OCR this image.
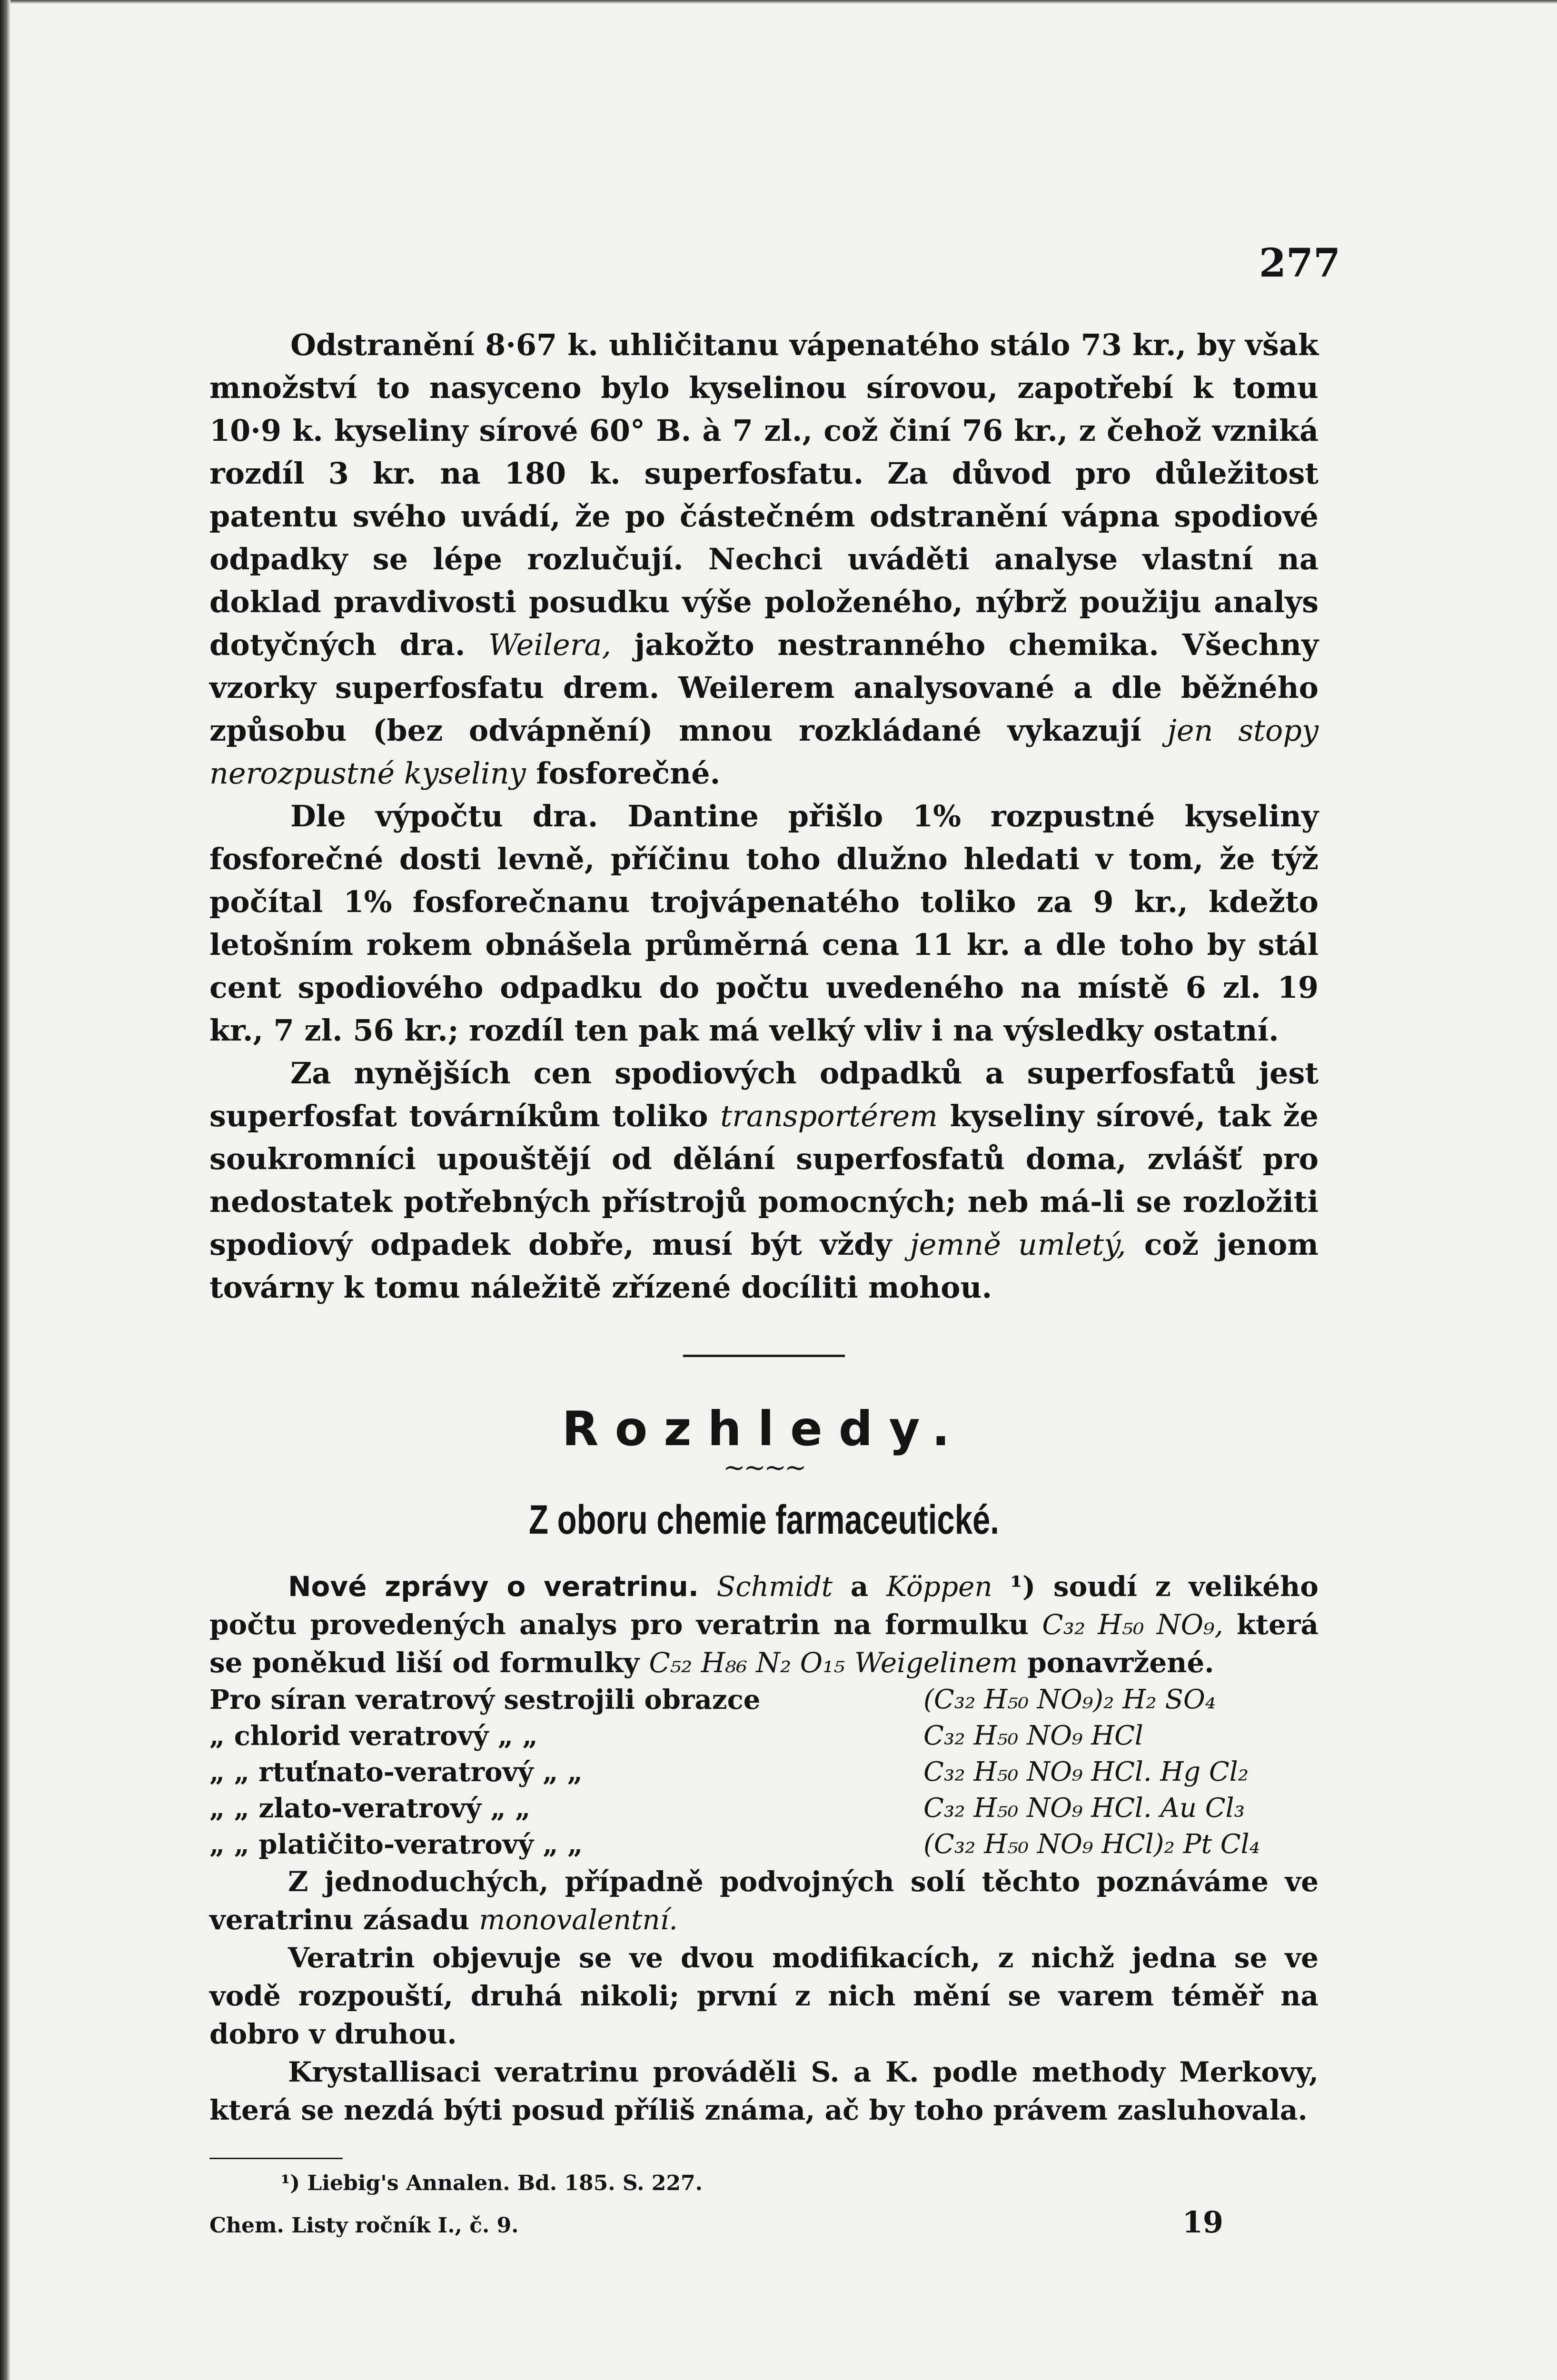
277

Odstranění 8·67 k. uhličitanu vápenatého stálo 73 kr., by však množství to nasyceno bylo kyselinou sírovou, zapotřebí k tomu 10·9 k. kyseliny sírové 60° B. à 7 zl., což činí 76 kr., z čehož vzniká rozdíl 3 kr. na 180 k. superfosfatu. Za důvod pro důležitost patentu svého uvádí, že po částečném odstranění vápna spodiové odpadky se lépe rozlučují. Nechci uváděti analyse vlastní na doklad pravdivosti posudku výše položeného, nýbrž použiju analys dotyčných dra. Weilera, jakožto nestranného chemika. Všechny vzorky superfosfatu drem. Weilerem analysované a dle běžného způsobu (bez odvápnění) mnou rozkládané vykazují jen stopy nerozpustné kyseliny fosforečné.

Dle výpočtu dra. Dantine přišlo 1% rozpustné kyseliny fosforečné dosti levně, příčinu toho dlužno hledati v tom, že týž počítal 1% fosforečnanu trojvápenatého toliko za 9 kr., kdežto letošním rokem obnášela průměrná cena 11 kr. a dle toho by stál cent spodiového odpadku do počtu uvedeného na místě 6 zl. 19 kr., 7 zl. 56 kr.; rozdíl ten pak má velký vliv i na výsledky ostatní.

Za nynějších cen spodiových odpadků a superfosfatů jest superfosfat továrníkům toliko transportérem kyseliny sírové, tak že soukromníci upouštějí od dělání superfosfatů doma, zvlášť pro nedostatek potřebných přístrojů pomocných; neb má-li se rozložiti spodiový odpadek dobře, musí být vždy jemně umletý, což jenom továrny k tomu náležitě zřízené docíliti mohou.

Rozhledy.
~~~~
Z oboru chemie farmaceutické.

Nové zprávy o veratrinu. Schmidt a Köppen ¹) soudí z velikého počtu provedených analys pro veratrin na formulku C₃₂ H₅₀ NO₉, která se poněkud liší od formulky C₅₂ H₈₆ N₂ O₁₅ Weigelinem ponavržené.

Pro síran veratrový sestrojili obrazce	(C₃₂ H₅₀ NO₉)₂ H₂ SO₄
„ chlorid veratrový „ „	C₃₂ H₅₀ NO₉ HCl
„ „ rtuťnato-veratrový „ „	C₃₂ H₅₀ NO₉ HCl. Hg Cl₂
„ „ zlato-veratrový „ „	C₃₂ H₅₀ NO₉ HCl. Au Cl₃
„ „ platičito-veratrový „ „	(C₃₂ H₅₀ NO₉ HCl)₂ Pt Cl₄

Z jednoduchých, případně podvojných solí těchto poznáváme ve veratrinu zásadu monovalentní.

Veratrin objevuje se ve dvou modifikacích, z nichž jedna se ve vodě rozpouští, druhá nikoli; první z nich mění se varem téměř na dobro v druhou.

Krystallisaci veratrinu prováděli S. a K. podle methody Merkovy, která se nezdá býti posud příliš známa, ač by toho právem zasluhovala.

¹) Liebig's Annalen. Bd. 185. S. 227.

Chem. Listy ročník I., č. 9.	19
